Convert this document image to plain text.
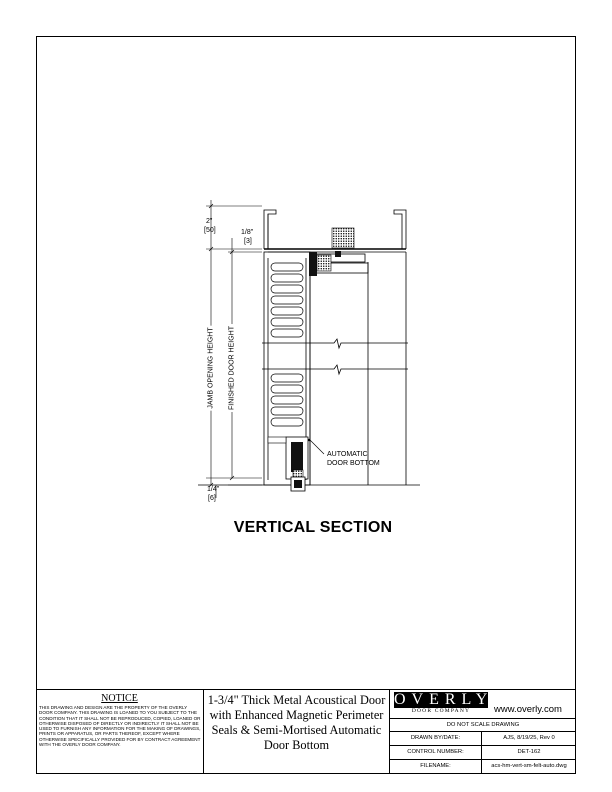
2"
[50]	1/8"
[3]
1/4"
[6]
JAMB OPENING HEIGHT FINISHED DOOR HEIGHT
AUTOMATIC
DOOR BOTTOM
VERTICAL SECTION
NOTICE
THIS DRAWING AND DESIGN ARE THE PROPERTY OF THE OVERLY DOOR COMPANY. THIS DRAWING IS LOANED TO YOU SUBJECT TO THE CONDITION THAT IT SHALL NOT BE REPRODUCED, COPIED, LOANED OR OTHERWISE DISPOSED OF DIRECTLY OR INDIRECTLY IT SHALL NOT BE USED TO FURNISH ANY INFORMATION FOR THE MAKING OF DRAWINGS, PRINTS OR APPARATUS, OR PARTS THEREOF, EXCEPT WHERE OTHERWISE SPECIFICALLY PROVIDED FOR BY CONTRACT AGREEMENT WITH THE OVERLY DOOR COMPANY.
1-3/4" Thick Metal Acoustical Door with Enhanced Magnetic Perimeter Seals & Semi-Mortised Automatic Door Bottom
OVERLY
DOOR COMPANY	www.overly.com
DO NOT SCALE DRAWING
DRAWN BY/DATE:	AJS, 8/19/25, Rev 0
CONTROL NUMBER:	DET-162
FILENAME:	acs-hm-vert-sm-felt-auto.dwg
